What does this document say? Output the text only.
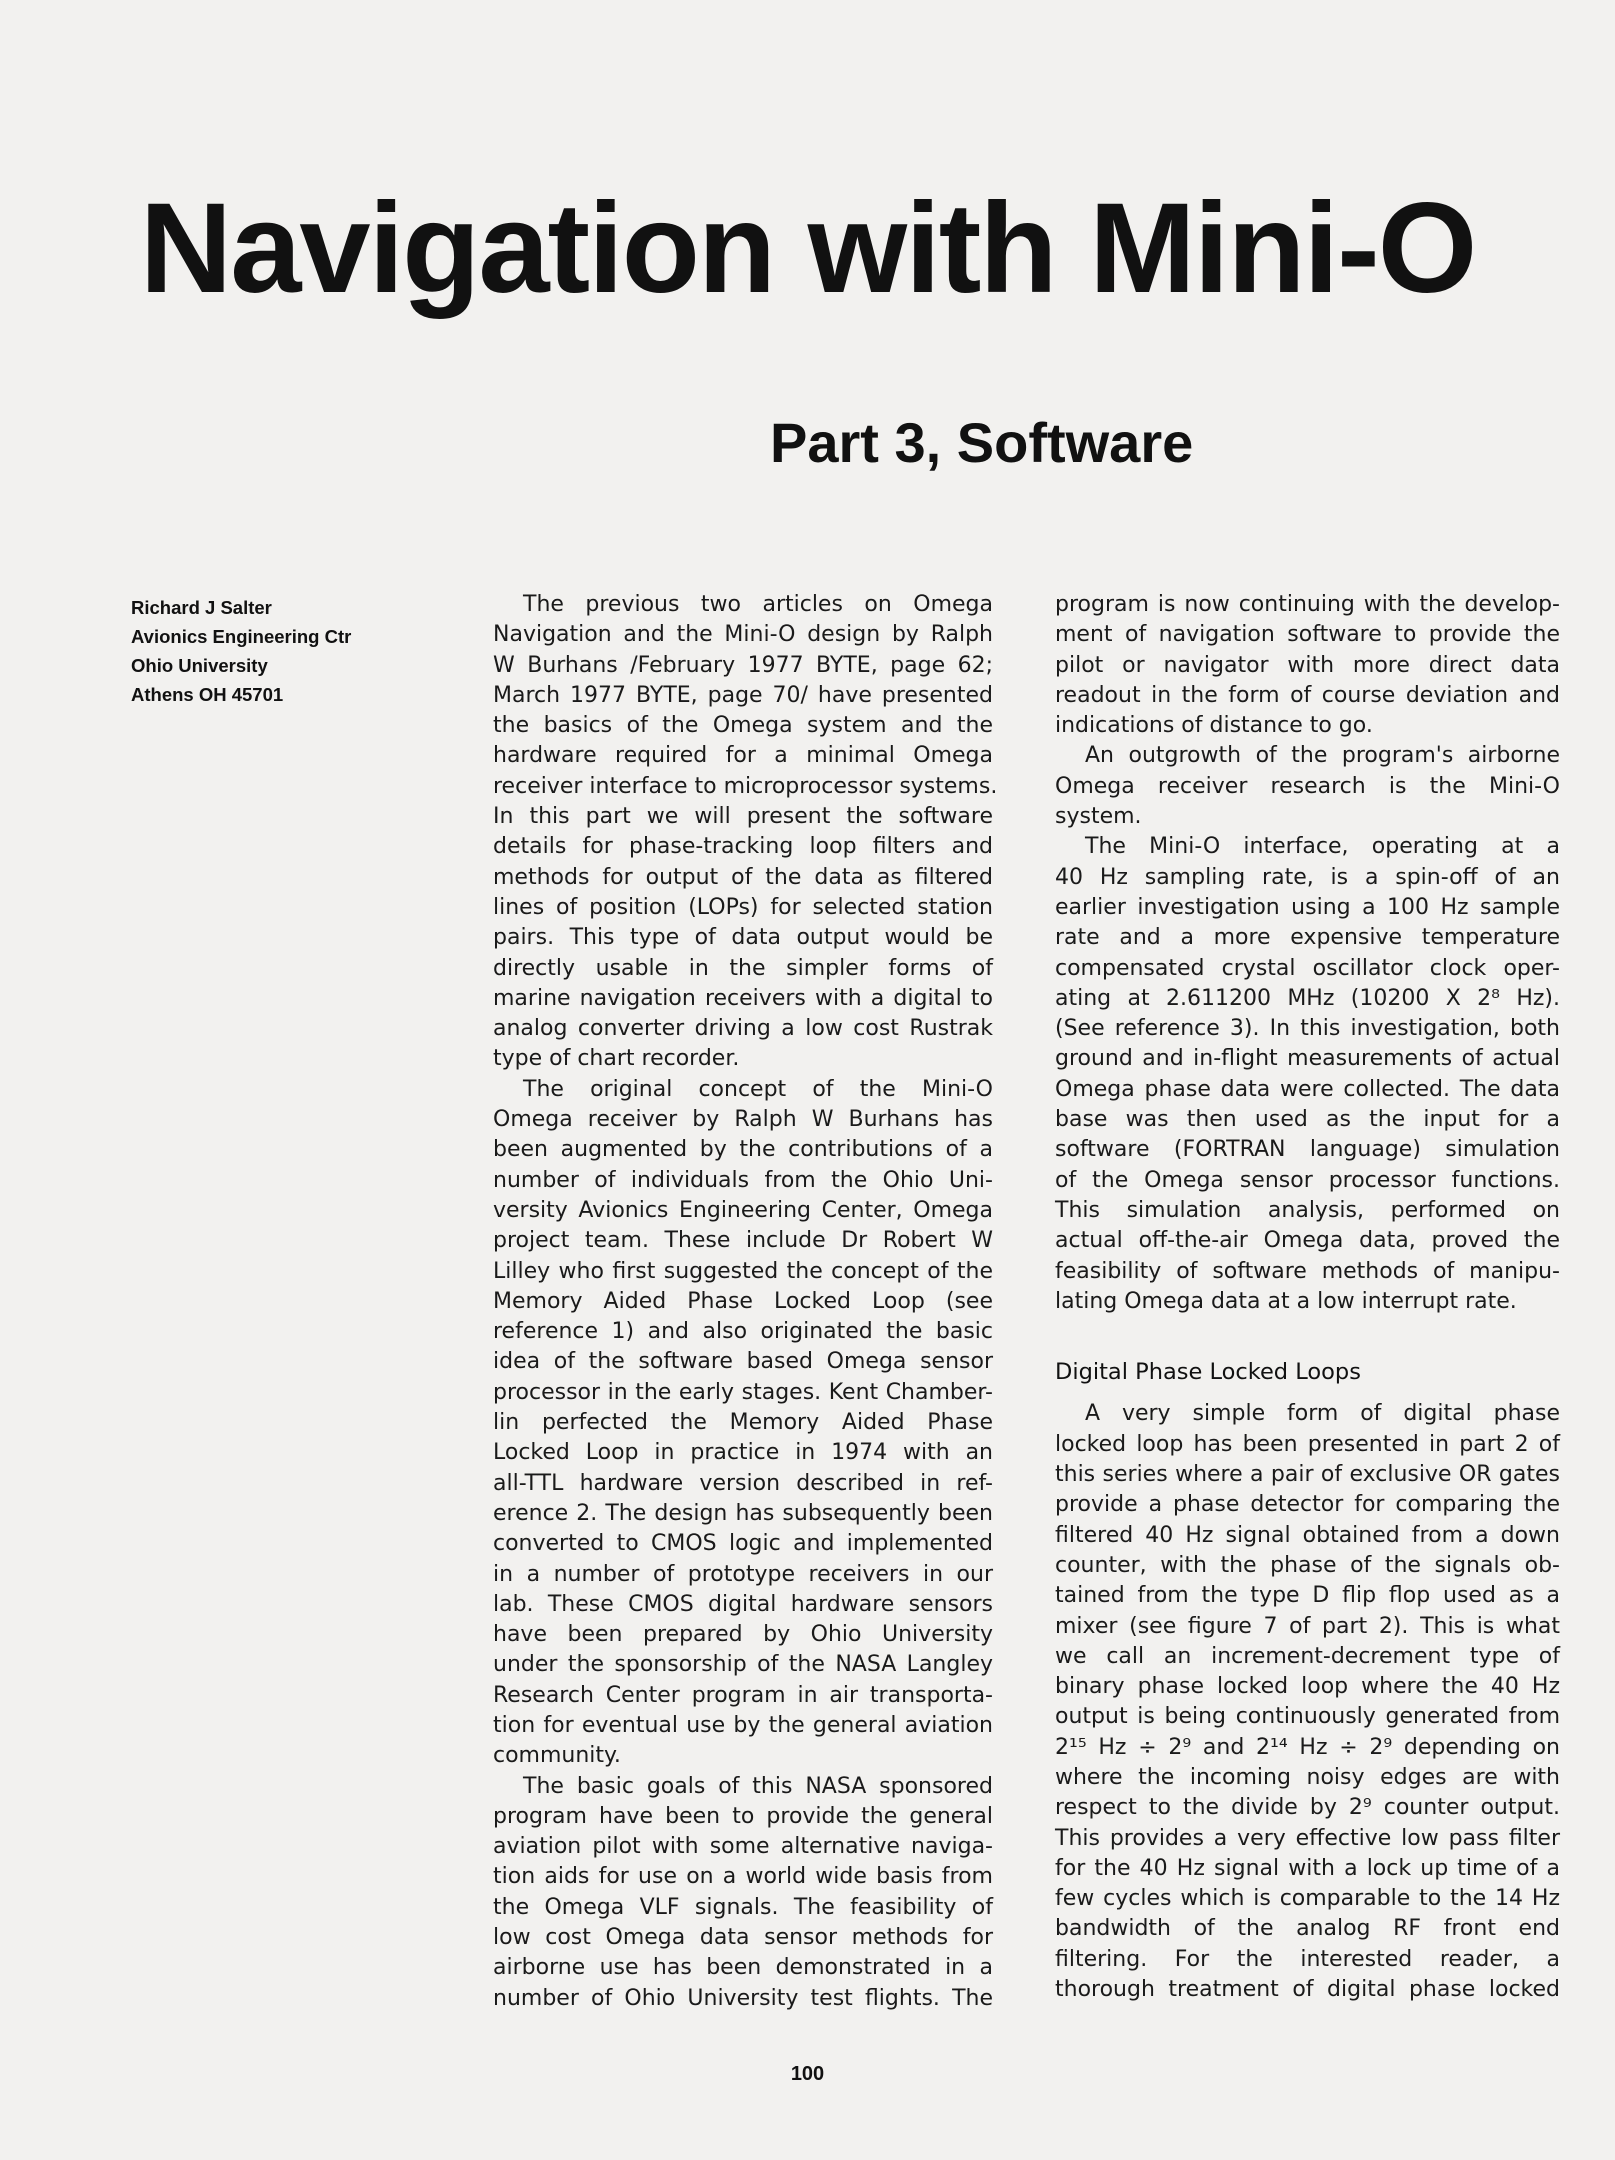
Navigation with Mini-O
Part 3, Software
Richard J Salter
Avionics Engineering Ctr
Ohio University
Athens OH 45701
The previous two articles on Omega
Navigation and the Mini-O design by Ralph
W Burhans /February 1977 BYTE, page 62;
March 1977 BYTE, page 70/ have presented
the basics of the Omega system and the
hardware required for a minimal Omega
receiver interface to microprocessor systems.
In this part we will present the software
details for phase-tracking loop filters and
methods for output of the data as filtered
lines of position (LOPs) for selected station
pairs. This type of data output would be
directly usable in the simpler forms of
marine navigation receivers with a digital to
analog converter driving a low cost Rustrak
type of chart recorder.
The original concept of the Mini-O
Omega receiver by Ralph W Burhans has
been augmented by the contributions of a
number of individuals from the Ohio Uni-
versity Avionics Engineering Center, Omega
project team. These include Dr Robert W
Lilley who first suggested the concept of the
Memory Aided Phase Locked Loop (see
reference 1) and also originated the basic
idea of the software based Omega sensor
processor in the early stages. Kent Chamber-
lin perfected the Memory Aided Phase
Locked Loop in practice in 1974 with an
all-TTL hardware version described in ref-
erence 2. The design has subsequently been
converted to CMOS logic and implemented
in a number of prototype receivers in our
lab. These CMOS digital hardware sensors
have been prepared by Ohio University
under the sponsorship of the NASA Langley
Research Center program in air transporta-
tion for eventual use by the general aviation
community.
The basic goals of this NASA sponsored
program have been to provide the general
aviation pilot with some alternative naviga-
tion aids for use on a world wide basis from
the Omega VLF signals. The feasibility of
low cost Omega data sensor methods for
airborne use has been demonstrated in a
number of Ohio University test flights. The
program is now continuing with the develop-
ment of navigation software to provide the
pilot or navigator with more direct data
readout in the form of course deviation and
indications of distance to go.
An outgrowth of the program's airborne
Omega receiver research is the Mini-O
system.
The Mini-O interface, operating at a
40 Hz sampling rate, is a spin-off of an
earlier investigation using a 100 Hz sample
rate and a more expensive temperature
compensated crystal oscillator clock oper-
ating at 2.611200 MHz (10200 X 2⁸ Hz).
(See reference 3). In this investigation, both
ground and in-flight measurements of actual
Omega phase data were collected. The data
base was then used as the input for a
software (FORTRAN language) simulation
of the Omega sensor processor functions.
This simulation analysis, performed on
actual off-the-air Omega data, proved the
feasibility of software methods of manipu-
lating Omega data at a low interrupt rate.
Digital Phase Locked Loops
A very simple form of digital phase
locked loop has been presented in part 2 of
this series where a pair of exclusive OR gates
provide a phase detector for comparing the
filtered 40 Hz signal obtained from a down
counter, with the phase of the signals ob-
tained from the type D flip flop used as a
mixer (see figure 7 of part 2). This is what
we call an increment-decrement type of
binary phase locked loop where the 40 Hz
output is being continuously generated from
2¹⁵ Hz ÷ 2⁹ and 2¹⁴ Hz ÷ 2⁹ depending on
where the incoming noisy edges are with
respect to the divide by 2⁹ counter output.
This provides a very effective low pass filter
for the 40 Hz signal with a lock up time of a
few cycles which is comparable to the 14 Hz
bandwidth of the analog RF front end
filtering. For the interested reader, a
thorough treatment of digital phase locked
100
